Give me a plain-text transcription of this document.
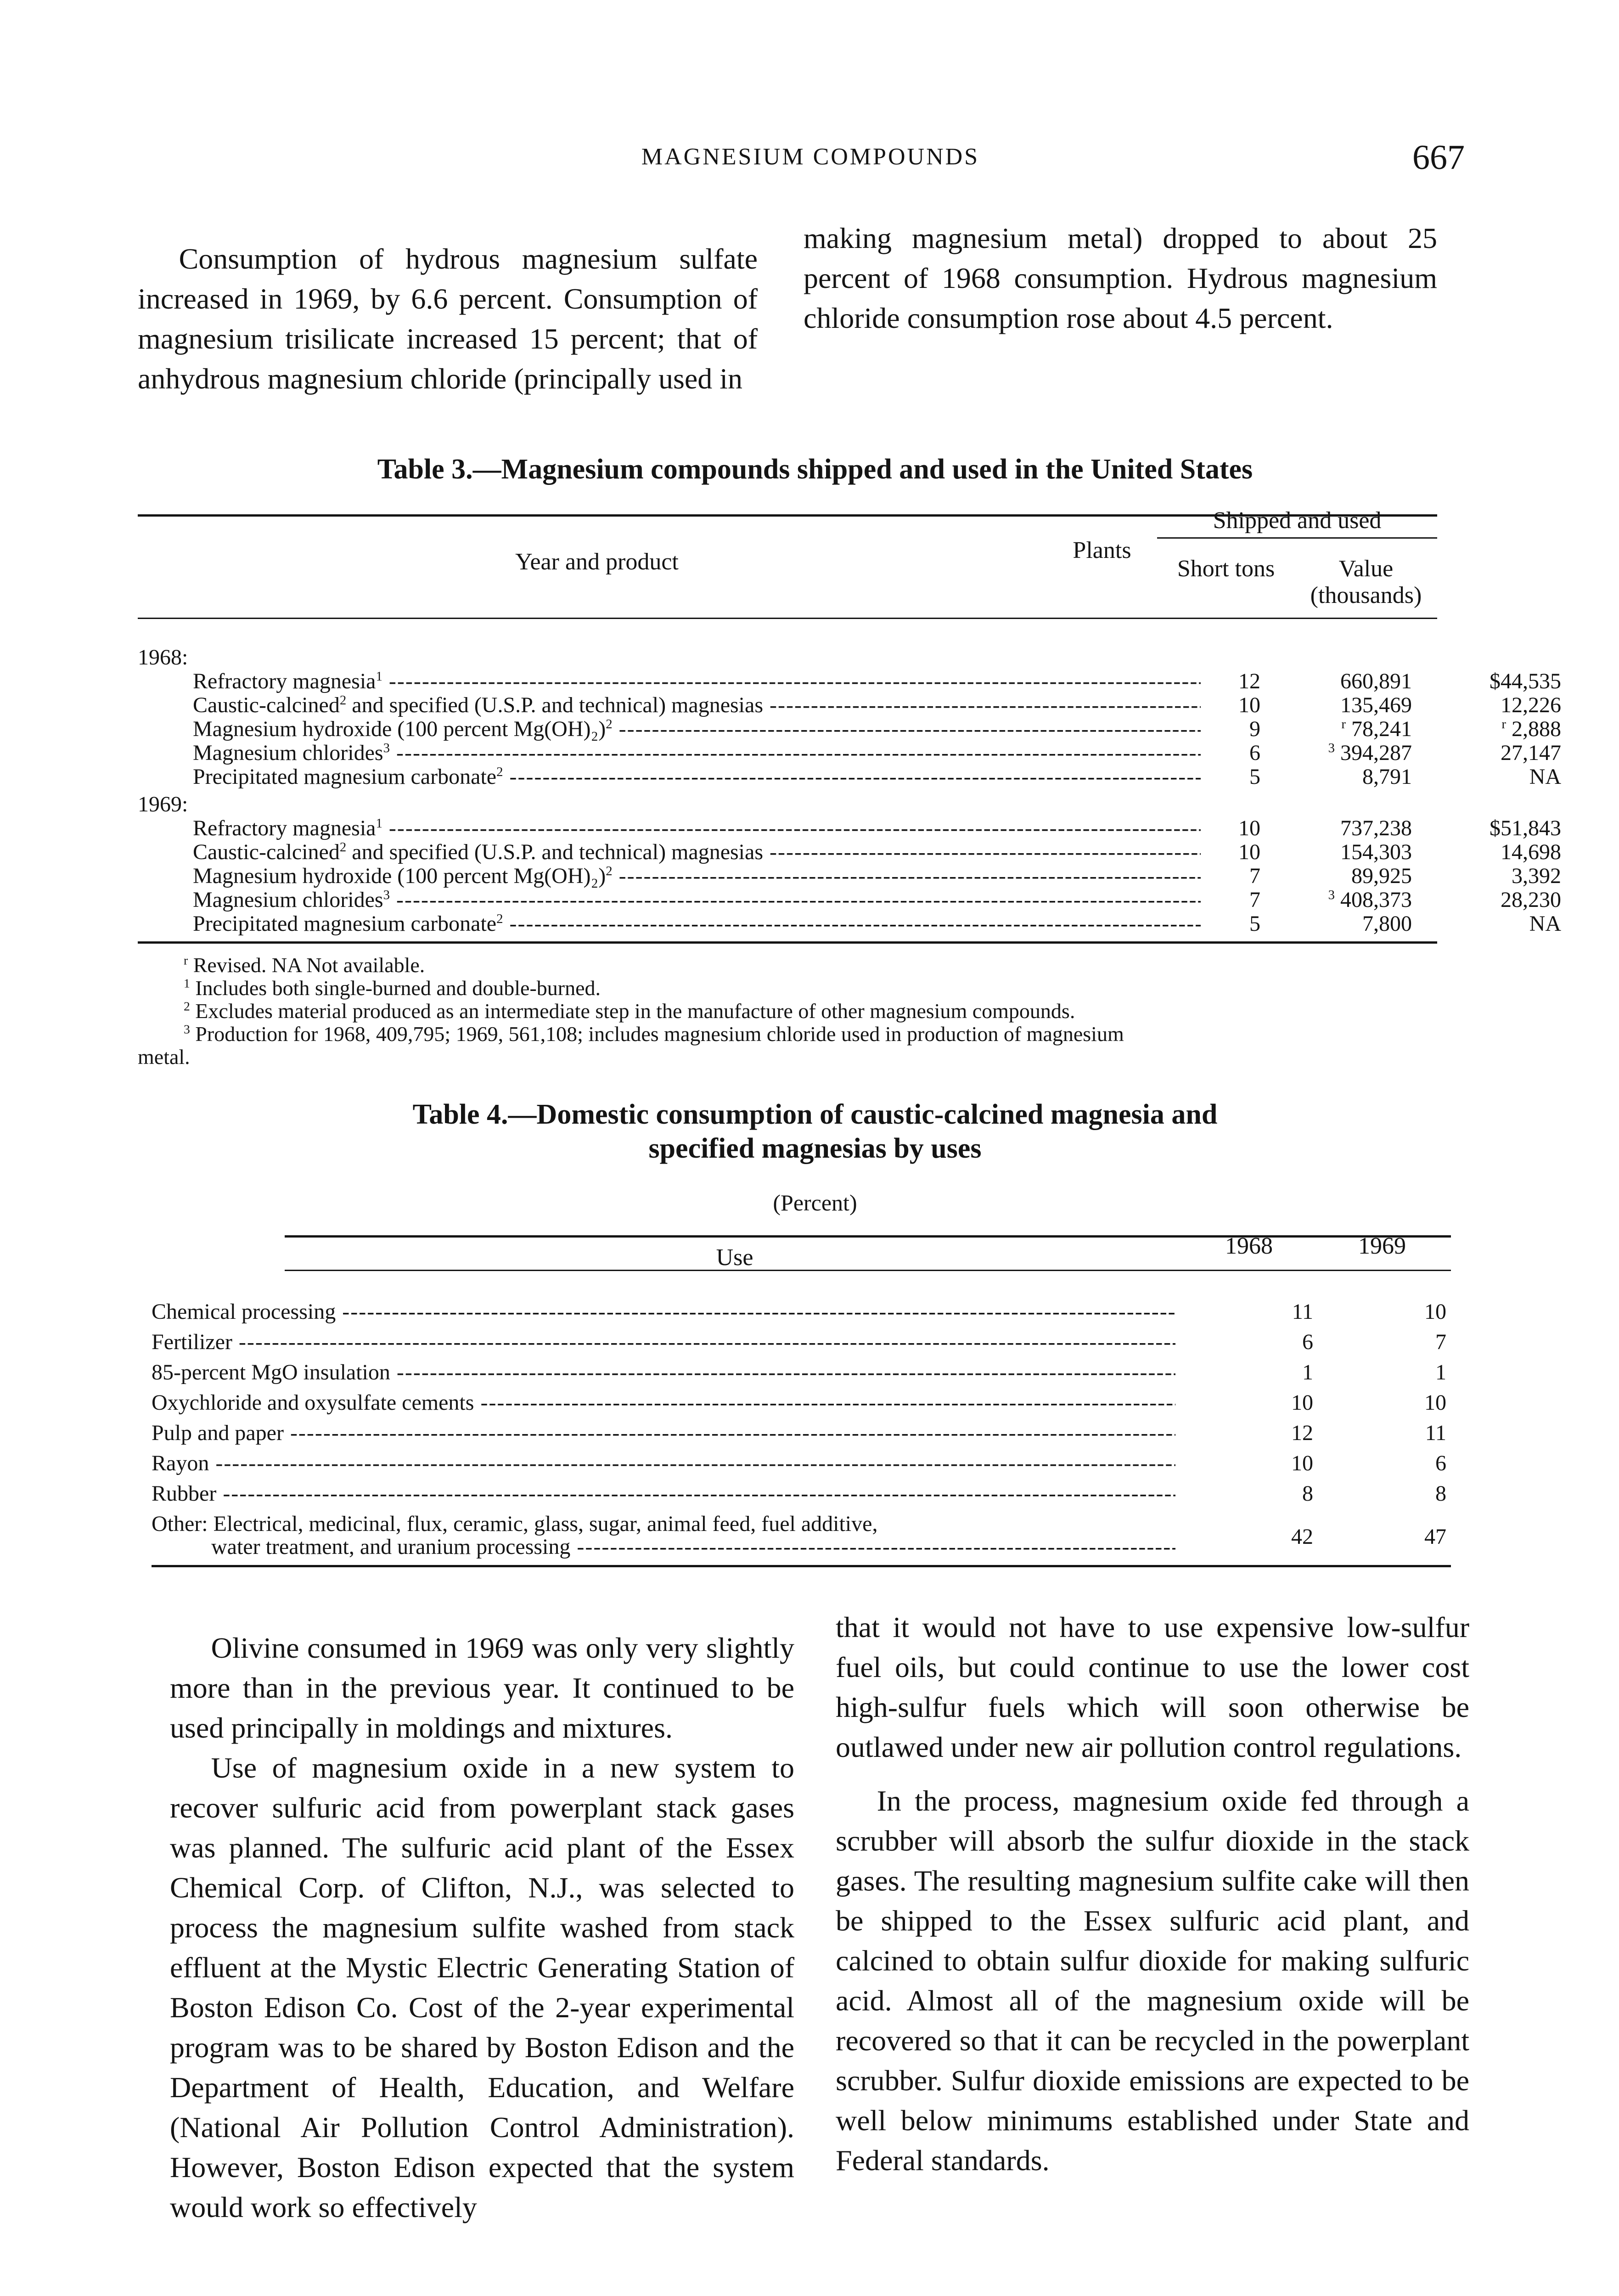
MAGNESIUM COMPOUNDS	667

Consumption of hydrous magnesium sulfate increased in 1969, by 6.6 percent. Consumption of magnesium trisilicate increased 15 percent; that of anhydrous magnesium chloride (principally used in

making magnesium metal) dropped to about 25 percent of 1968 consumption. Hydrous magnesium chloride consumption rose about 4.5 percent.

Table 3.—Magnesium compounds shipped and used in the United States
Year and product	Plants
Shipped and used
Short tons	Value (thousands)
1968:
Refractory magnesia$^1$ -----	12	660,891	$44,535
Caustic-calcined$^2$ and specified (U.S.P. and technical) magnesias -----	10	135,469	12,226
Magnesium hydroxide (100 percent Mg(OH)₂)$^2$ -----	9	$^r$ 78,241	$^r$ 2,888
Magnesium chlorides$^3$ -----	6	$^3$ 394,287	27,147
Precipitated magnesium carbonate$^2$ -----	5	8,791	NA
1969:
Refractory magnesia$^1$ -----	10	737,238	$51,843
Caustic-calcined$^2$ and specified (U.S.P. and technical) magnesias -----	10	154,303	14,698
Magnesium hydroxide (100 percent Mg(OH)₂)$^2$ -----	7	89,925	3,392
Magnesium chlorides$^3$ -----	7	$^3$ 408,373	28,230
Precipitated magnesium carbonate$^2$ -----	5	7,800	NA
$^r$ Revised. NA Not available.
$^1$ Includes both single-burned and double-burned.
$^2$ Excludes material produced as an intermediate step in the manufacture of other magnesium compounds.
$^3$ Production for 1968, 409,795; 1969, 561,108; includes magnesium chloride used in production of magnesium
metal.
Table 4.—Domestic consumption of caustic-calcined magnesia and
specified magnesias by uses
(Percent)
Use	1968	1969
Chemical processing -----	11	10
Fertilizer -----	6	7
85-percent MgO insulation -----	1	1
Oxychloride and oxysulfate cements -----	10	10
Pulp and paper -----	12	11
Rayon -----	10	6
Rubber -----	8	8
Other: Electrical, medicinal, flux, ceramic, glass, sugar, animal feed, fuel additive,
water treatment, and uranium processing -----	42	47

Olivine consumed in 1969 was only very slightly more than in the previous year. It continued to be used principally in moldings and mixtures.

Use of magnesium oxide in a new system to recover sulfuric acid from powerplant stack gases was planned. The sulfuric acid plant of the Essex Chemical Corp. of Clifton, N.J., was selected to process the magnesium sulfite washed from stack effluent at the Mystic Electric Generating Station of Boston Edison Co. Cost of the 2-year experimental program was to be shared by Boston Edison and the Department of Health, Education, and Welfare (National Air Pollution Control Administration). However, Boston Edison expected that the system would work so effectively

that it would not have to use expensive low-sulfur fuel oils, but could continue to use the lower cost high-sulfur fuels which will soon otherwise be outlawed under new air pollution control regulations.

In the process, magnesium oxide fed through a scrubber will absorb the sulfur dioxide in the stack gases. The resulting magnesium sulfite cake will then be shipped to the Essex sulfuric acid plant, and calcined to obtain sulfur dioxide for making sulfuric acid. Almost all of the magnesium oxide will be recovered so that it can be recycled in the powerplant scrubber. Sulfur dioxide emissions are expected to be well below minimums established under State and Federal standards.
